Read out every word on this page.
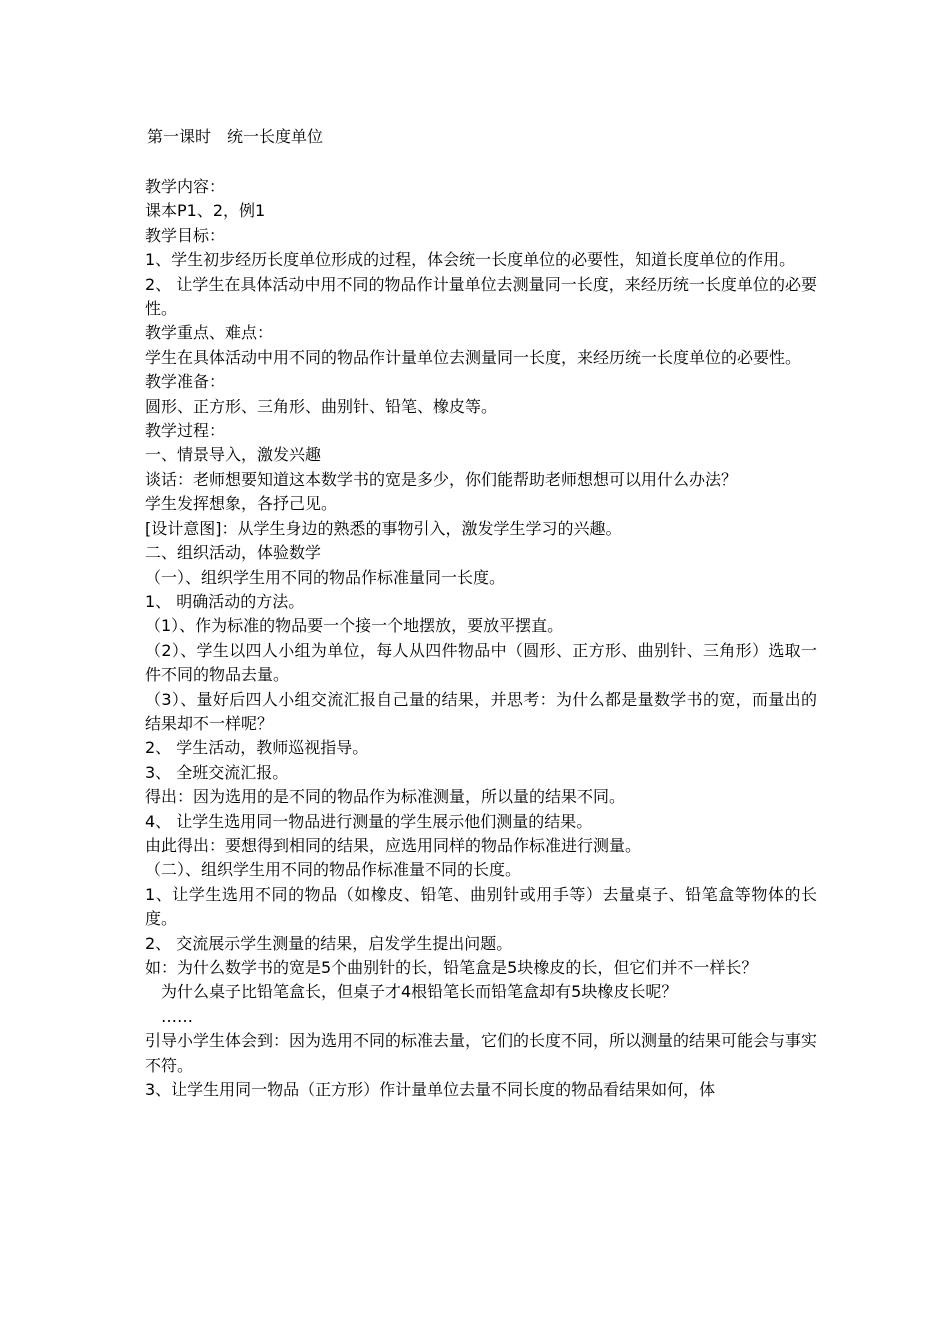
第一课时　统一长度单位

教学内容：

课本P1、2，例1

教学目标：

1、学生初步经历长度单位形成的过程，体会统一长度单位的必要性，知道长度单位的作用。

2、 让学生在具体活动中用不同的物品作计量单位去测量同一长度，来经历统一长度单位的必要性。

教学重点、难点：

学生在具体活动中用不同的物品作计量单位去测量同一长度，来经历统一长度单位的必要性。

教学准备：

圆形、正方形、三角形、曲别针、铅笔、橡皮等。

教学过程：

一、情景导入，激发兴趣

谈话：老师想要知道这本数学书的宽是多少，你们能帮助老师想想可以用什么办法？

学生发挥想象，各抒己见。

[设计意图]：从学生身边的熟悉的事物引入，激发学生学习的兴趣。

二、组织活动，体验数学

（一）、组织学生用不同的物品作标准量同一长度。

1、 明确活动的方法。

（1）、作为标准的物品要一个接一个地摆放，要放平摆直。

（2）、学生以四人小组为单位，每人从四件物品中（圆形、正方形、曲别针、三角形）选取一件不同的物品去量。

（3）、量好后四人小组交流汇报自己量的结果，并思考：为什么都是量数学书的宽，而量出的结果却不一样呢？

2、 学生活动，教师巡视指导。

3、 全班交流汇报。

得出：因为选用的是不同的物品作为标准测量，所以量的结果不同。

4、 让学生选用同一物品进行测量的学生展示他们测量的结果。

由此得出：要想得到相同的结果，应选用同样的物品作标准进行测量。

（二）、组织学生用不同的物品作标准量不同的长度。

1、让学生选用不同的物品（如橡皮、铅笔、曲别针或用手等）去量桌子、铅笔盒等物体的长度。

2、 交流展示学生测量的结果，启发学生提出问题。

如：为什么数学书的宽是5个曲别针的长，铅笔盒是5块橡皮的长，但它们并不一样长？

为什么桌子比铅笔盒长，但桌子才4根铅笔长而铅笔盒却有5块橡皮长呢？

……

引导小学生体会到：因为选用不同的标准去量，它们的长度不同，所以测量的结果可能会与事实不符。

3、让学生用同一物品（正方形）作计量单位去量不同长度的物品看结果如何，体
